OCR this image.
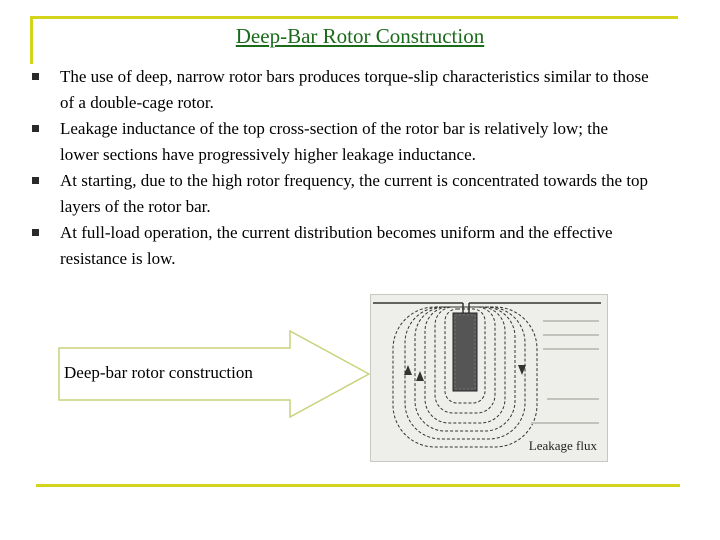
Deep-Bar Rotor Construction
The use of deep, narrow rotor bars produces torque-slip characteristics similar to those of a double-cage rotor.
Leakage inductance of the top cross-section of the rotor bar is relatively low; the lower sections have progressively higher leakage inductance.
At starting, due to the high rotor frequency, the current is concentrated towards the top layers of the rotor bar.
At full-load operation, the current distribution becomes uniform and the effective resistance is low.
Deep-bar rotor construction
Leakage flux
